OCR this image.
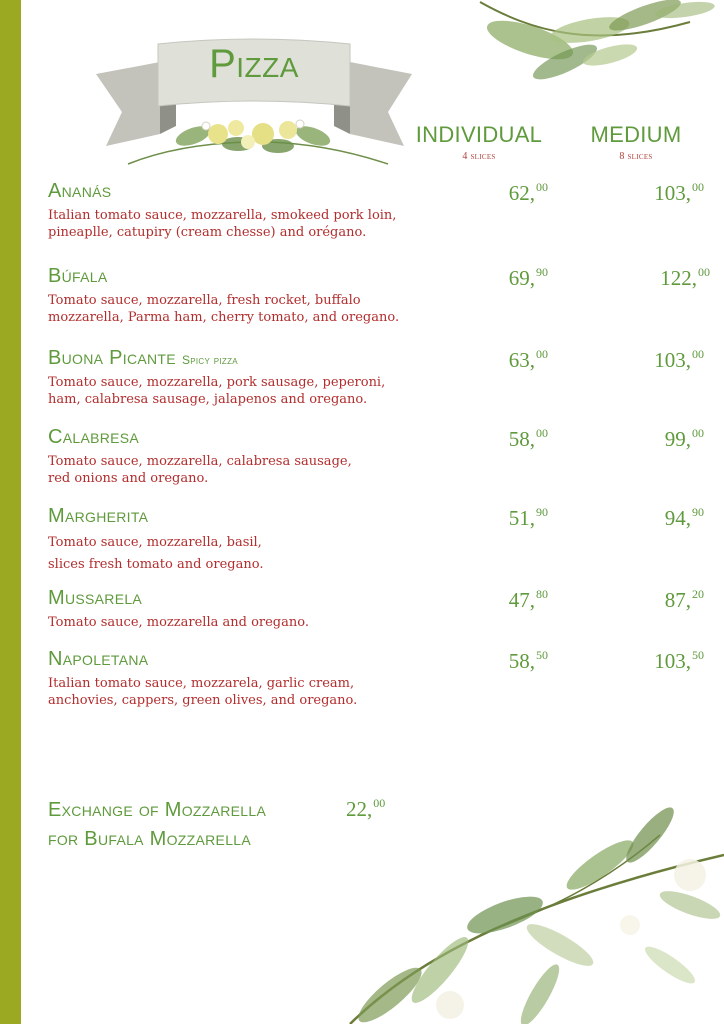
Pizza
INDIVIDUAL
4 slices
MEDIUM
8 slices
Ananás
Italian tomato sauce, mozzarella, smokeed pork loin, pineaplle, catupiry (cream chesse) and orégano.
62,00	103,00
Búfala
Tomato sauce, mozzarella, fresh rocket, buffalo mozzarella, Parma ham, cherry tomato, and oregano.
69,90	122,00
Buona Picante Spicy pizza
Tomato sauce, mozzarella, pork sausage, peperoni, ham, calabresa sausage, jalapenos and oregano.
63,00	103,00
Calabresa
Tomato sauce, mozzarella, calabresa sausage, red onions and oregano.
58,00	99,00
Margherita
Tomato sauce, mozzarella, basil, slices fresh tomato and oregano.
51,90	94,90
Mussarela
Tomato sauce, mozzarella and oregano.
47,80	87,20
Napoletana
Italian tomato sauce, mozzarela, garlic cream, anchovies, cappers, green olives, and oregano.
58,50	103,50
Exchange of Mozzarella
for Bufala Mozzarella
22,00
